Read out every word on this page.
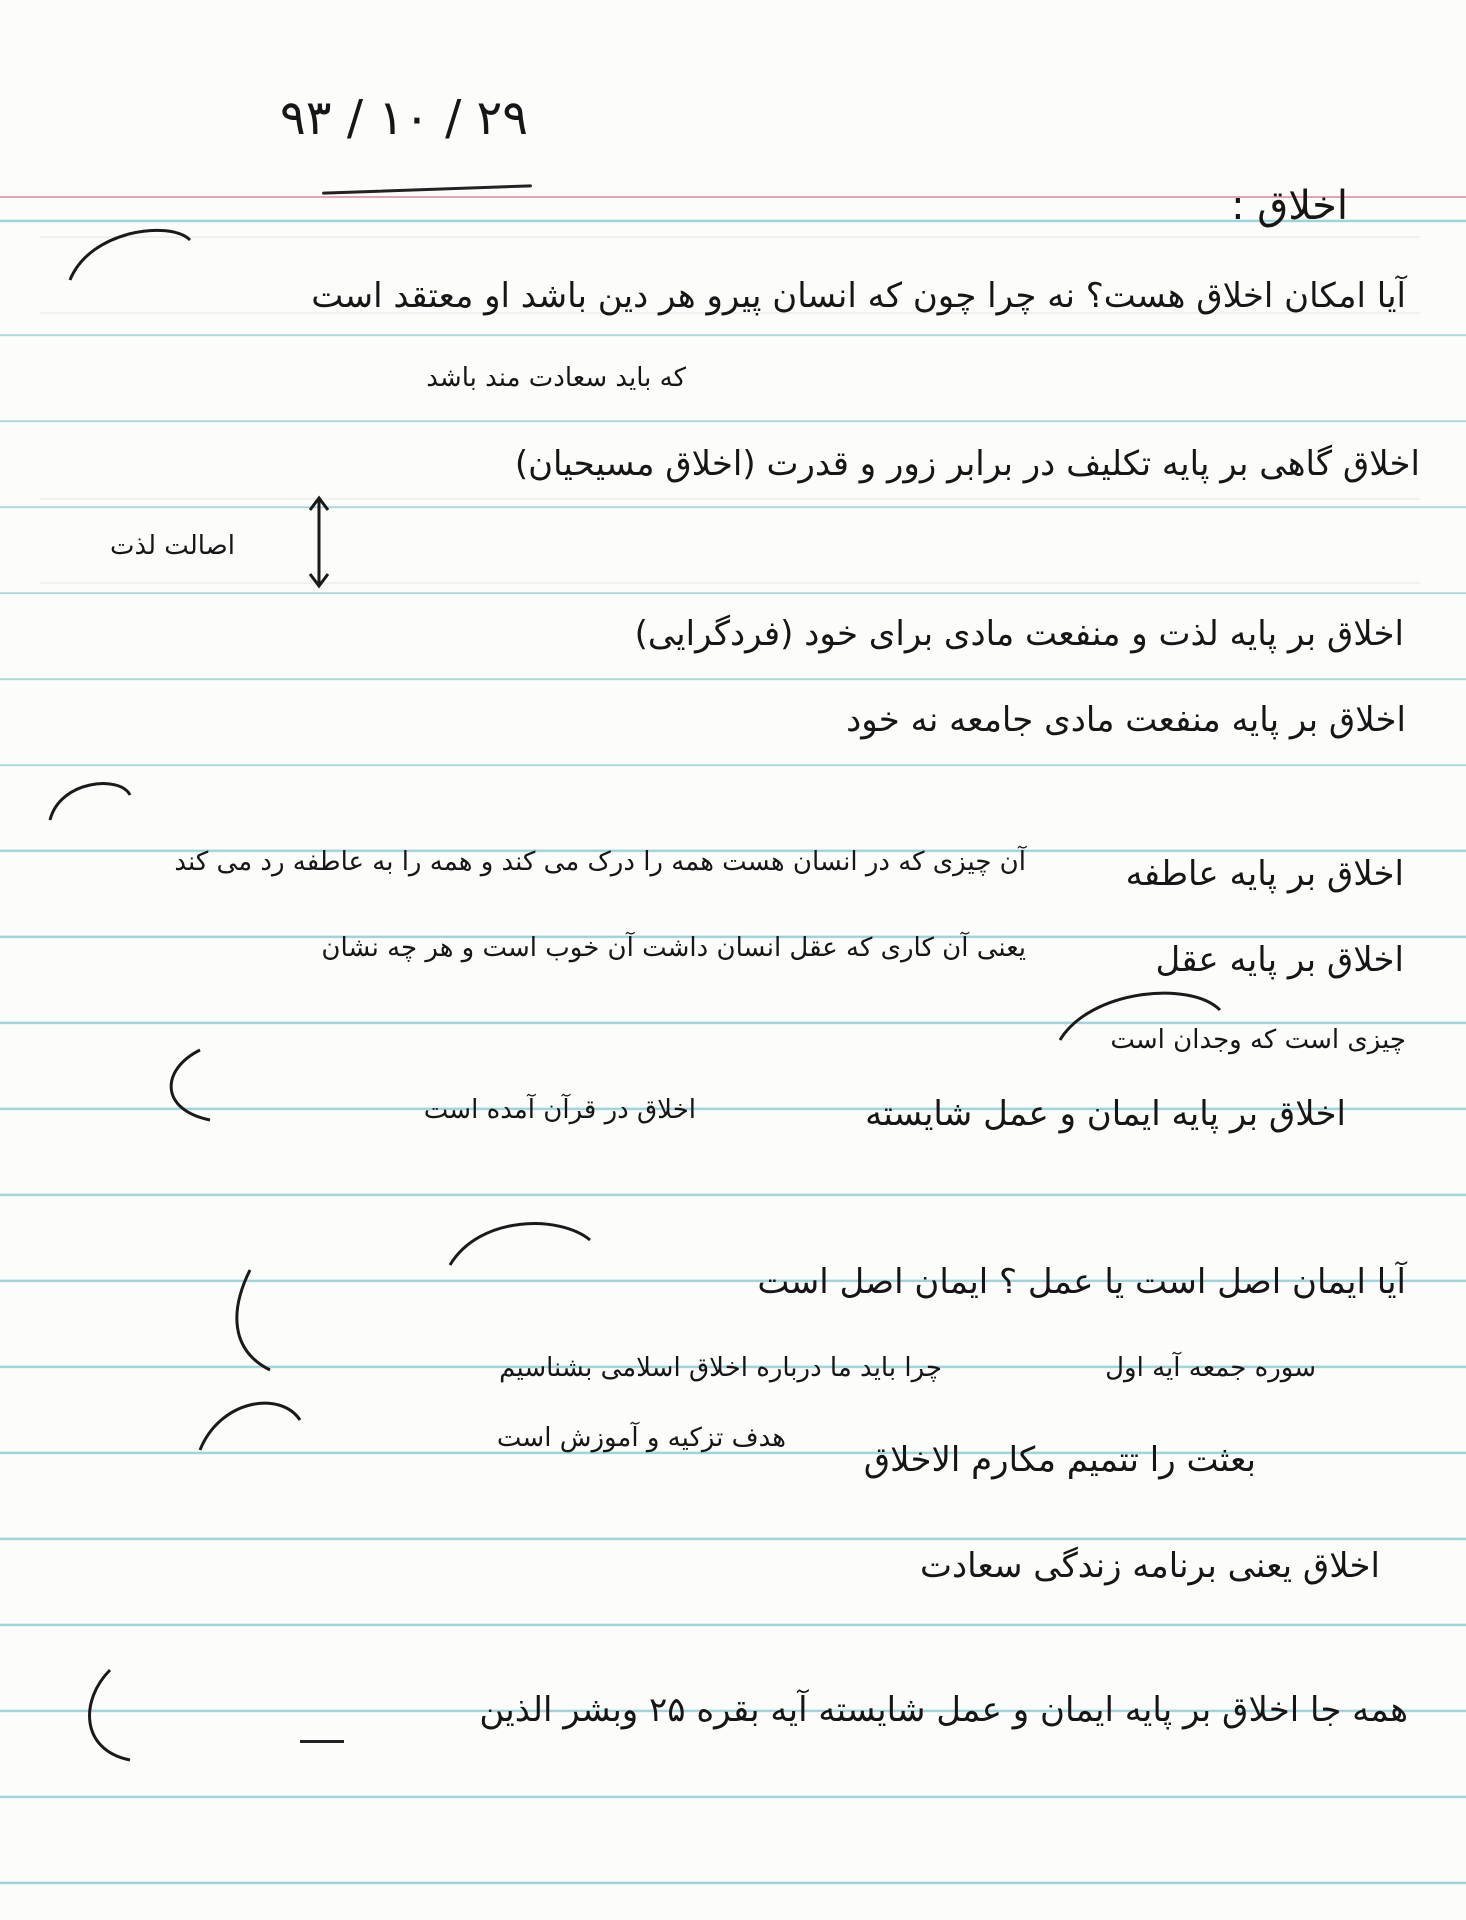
۹۳ / ۱۰ / ۲۹
اخلاق :
آیا امکان اخلاق هست؟ نه چرا چون که انسان پیرو هر دین باشد او معتقد است
که باید سعادت مند باشد
اخلاق گاهی بر پایه تکلیف در برابر زور و قدرت (اخلاق مسیحیان)
اصالت لذت
اخلاق بر پایه لذت و منفعت مادی برای خود (فردگرایی)
اخلاق بر پایه منفعت مادی جامعه نه خود
اخلاق بر پایه عاطفه
آن چیزی که در انسان هست همه را درک می کند و همه را به عاطفه رد می کند
اخلاق بر پایه عقل
یعنی آن کاری که عقل انسان داشت آن خوب است و هر چه نشان
چیزی است که وجدان است
اخلاق بر پایه ایمان و عمل شایسته
اخلاق در قرآن آمده است
آیا ایمان اصل است یا عمل ؟ ایمان اصل است
چرا باید ما درباره اخلاق اسلامی بشناسیم	سوره جمعه آیه اول
بعثت را تتمیم مکارم الاخلاق
هدف تزکیه و آموزش است
اخلاق یعنی برنامه زندگی سعادت
همه جا اخلاق بر پایه ایمان و عمل شایسته آیه بقره ۲۵ وبشر الذین
